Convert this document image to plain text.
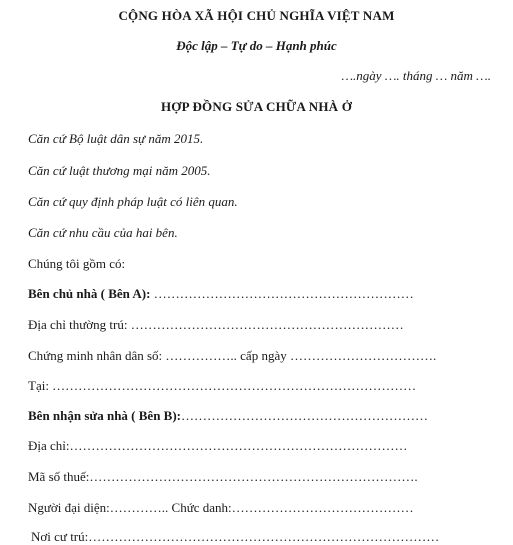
CỘNG HÒA XÃ HỘI CHỦ NGHĨA VIỆT NAM
Độc lập – Tự do – Hạnh phúc
….ngày …. tháng … năm ….
HỢP ĐỒNG SỬA CHỮA NHÀ Ở
Căn cứ Bộ luật dân sự năm 2015.
Căn cứ luật thương mại năm 2005.
Căn cứ quy định pháp luật có liên quan.
Căn cứ nhu cầu của hai bên.
Chúng tôi gồm có:
Bên chủ nhà ( Bên A): ……………………………………………………
Địa chỉ thường trú: ………………………………………………………
Chứng minh nhân dân số: …………….. cấp ngày …………………………….
Tại: …………………………………………………………………………
Bên nhận sửa nhà ( Bên B):…………………………………………………
Địa chỉ:……………………………………………………………………
Mã số thuế:………………………………………………………………….
Người đại diện:………….. Chức danh:……………………………………
Nơi cư trú:………………………………………………………………………
